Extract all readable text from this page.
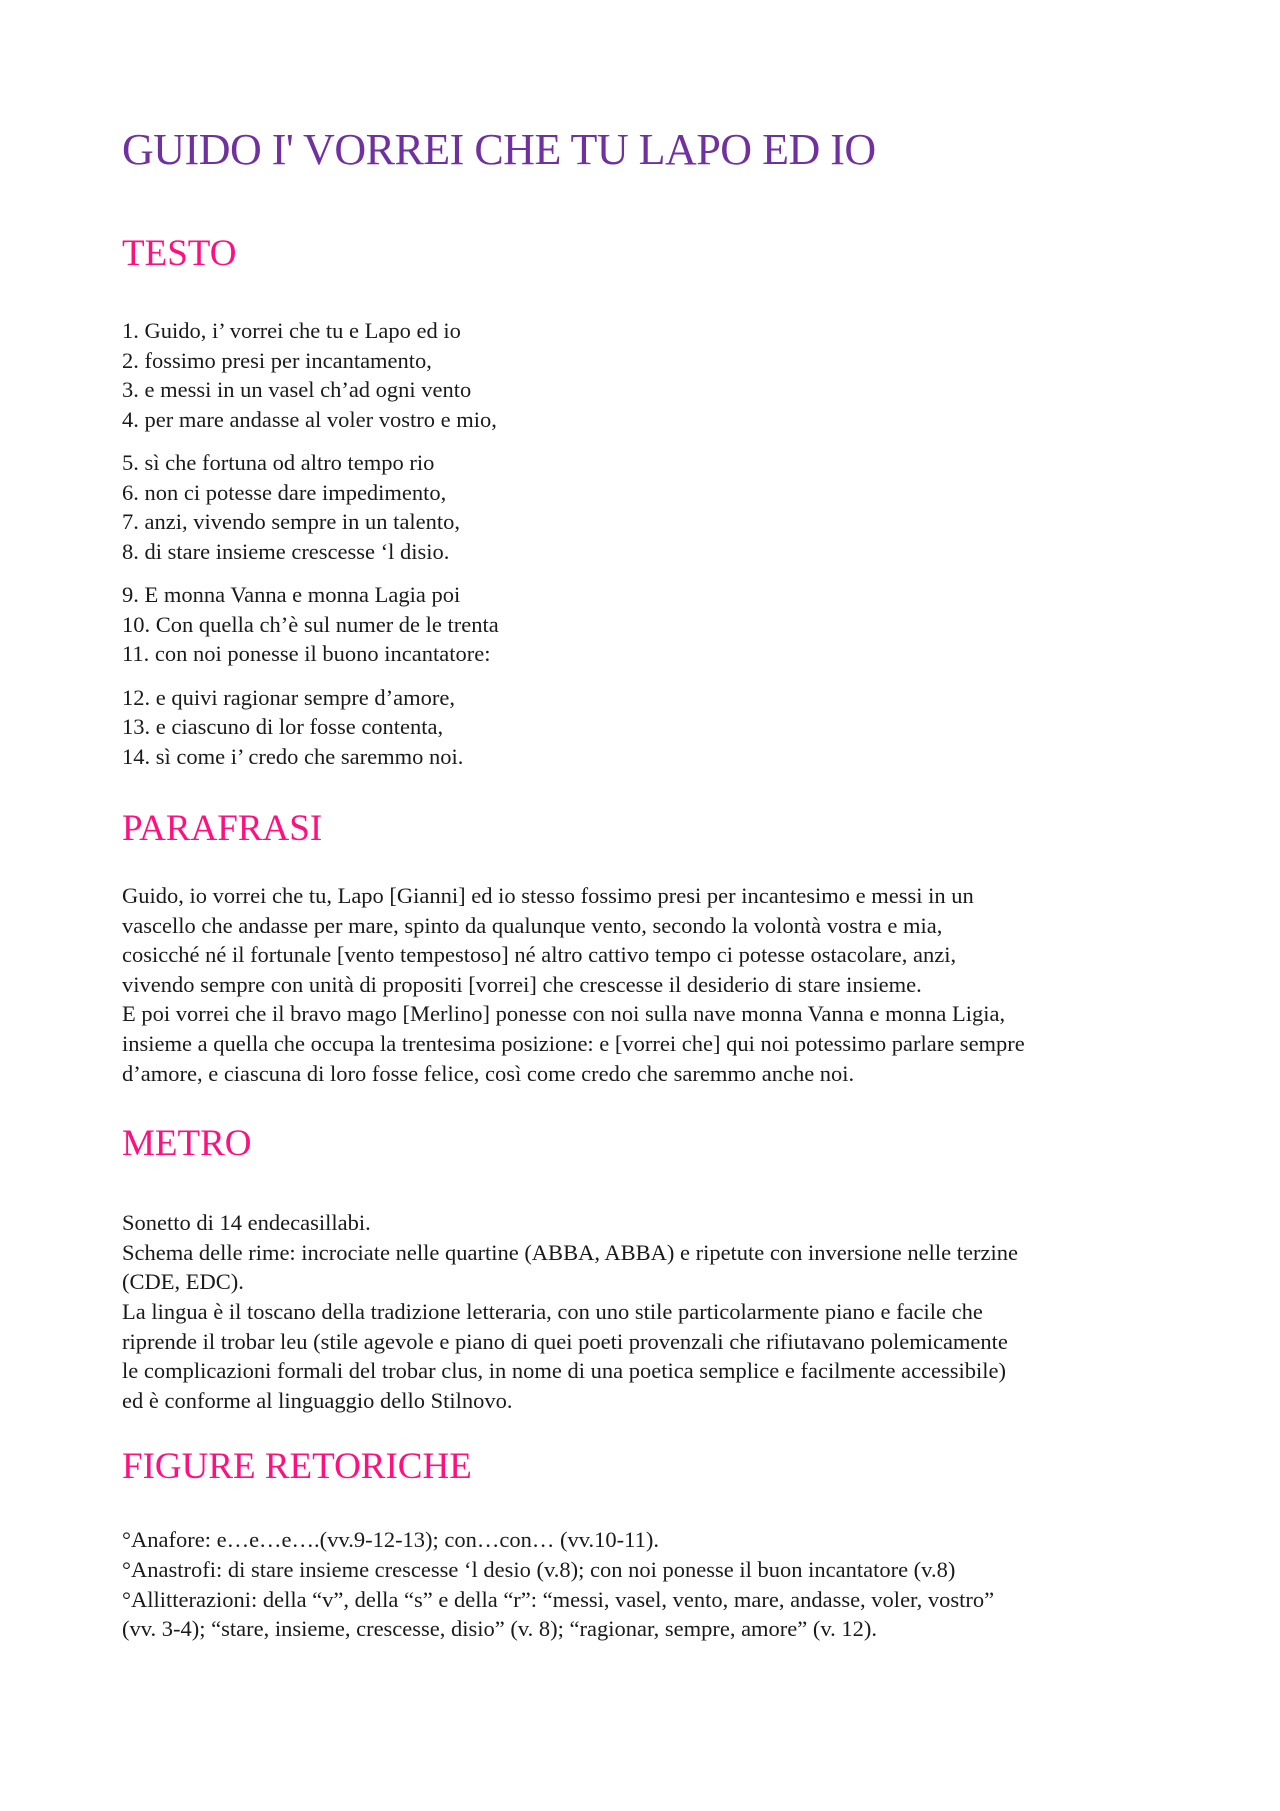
GUIDO I' VORREI CHE TU LAPO ED IO
TESTO
1. Guido, i’ vorrei che tu e Lapo ed io
2. fossimo presi per incantamento,
3. e messi in un vasel ch’ad ogni vento
4. per mare andasse al voler vostro e mio,
5. sì che fortuna od altro tempo rio
6. non ci potesse dare impedimento,
7. anzi, vivendo sempre in un talento,
8. di stare insieme crescesse ‘l disio.
9. E monna Vanna e monna Lagia poi
10. Con quella ch’è sul numer de le trenta
11. con noi ponesse il buono incantatore:
12. e quivi ragionar sempre d’amore,
13. e ciascuno di lor fosse contenta,
14. sì come i’ credo che saremmo noi.
PARAFRASI
Guido, io vorrei che tu, Lapo [Gianni] ed io stesso fossimo presi per incantesimo e messi in un
vascello che andasse per mare, spinto da qualunque vento, secondo la volontà vostra e mia,
cosicché né il fortunale [vento tempestoso] né altro cattivo tempo ci potesse ostacolare, anzi,
vivendo sempre con unità di propositi [vorrei] che crescesse il desiderio di stare insieme.
E poi vorrei che il bravo mago [Merlino] ponesse con noi sulla nave monna Vanna e monna Ligia,
insieme a quella che occupa la trentesima posizione: e [vorrei che] qui noi potessimo parlare sempre
d’amore, e ciascuna di loro fosse felice, così come credo che saremmo anche noi.
METRO
Sonetto di 14 endecasillabi.
Schema delle rime: incrociate nelle quartine (ABBA, ABBA) e ripetute con inversione nelle terzine
(CDE, EDC).
La lingua è il toscano della tradizione letteraria, con uno stile particolarmente piano e facile che
riprende il trobar leu (stile agevole e piano di quei poeti provenzali che rifiutavano polemicamente
le complicazioni formali del trobar clus, in nome di una poetica semplice e facilmente accessibile)
ed è conforme al linguaggio dello Stilnovo.
FIGURE RETORICHE
°Anafore: e…e…e….(vv.9-12-13); con…con… (vv.10-11).
°Anastrofi: di stare insieme crescesse ‘l desio (v.8); con noi ponesse il buon incantatore (v.8)
°Allitterazioni: della “v”, della “s” e della “r”: “messi, vasel, vento, mare, andasse, voler, vostro”
(vv. 3-4); “stare, insieme, crescesse, disio” (v. 8); “ragionar, sempre, amore” (v. 12).
